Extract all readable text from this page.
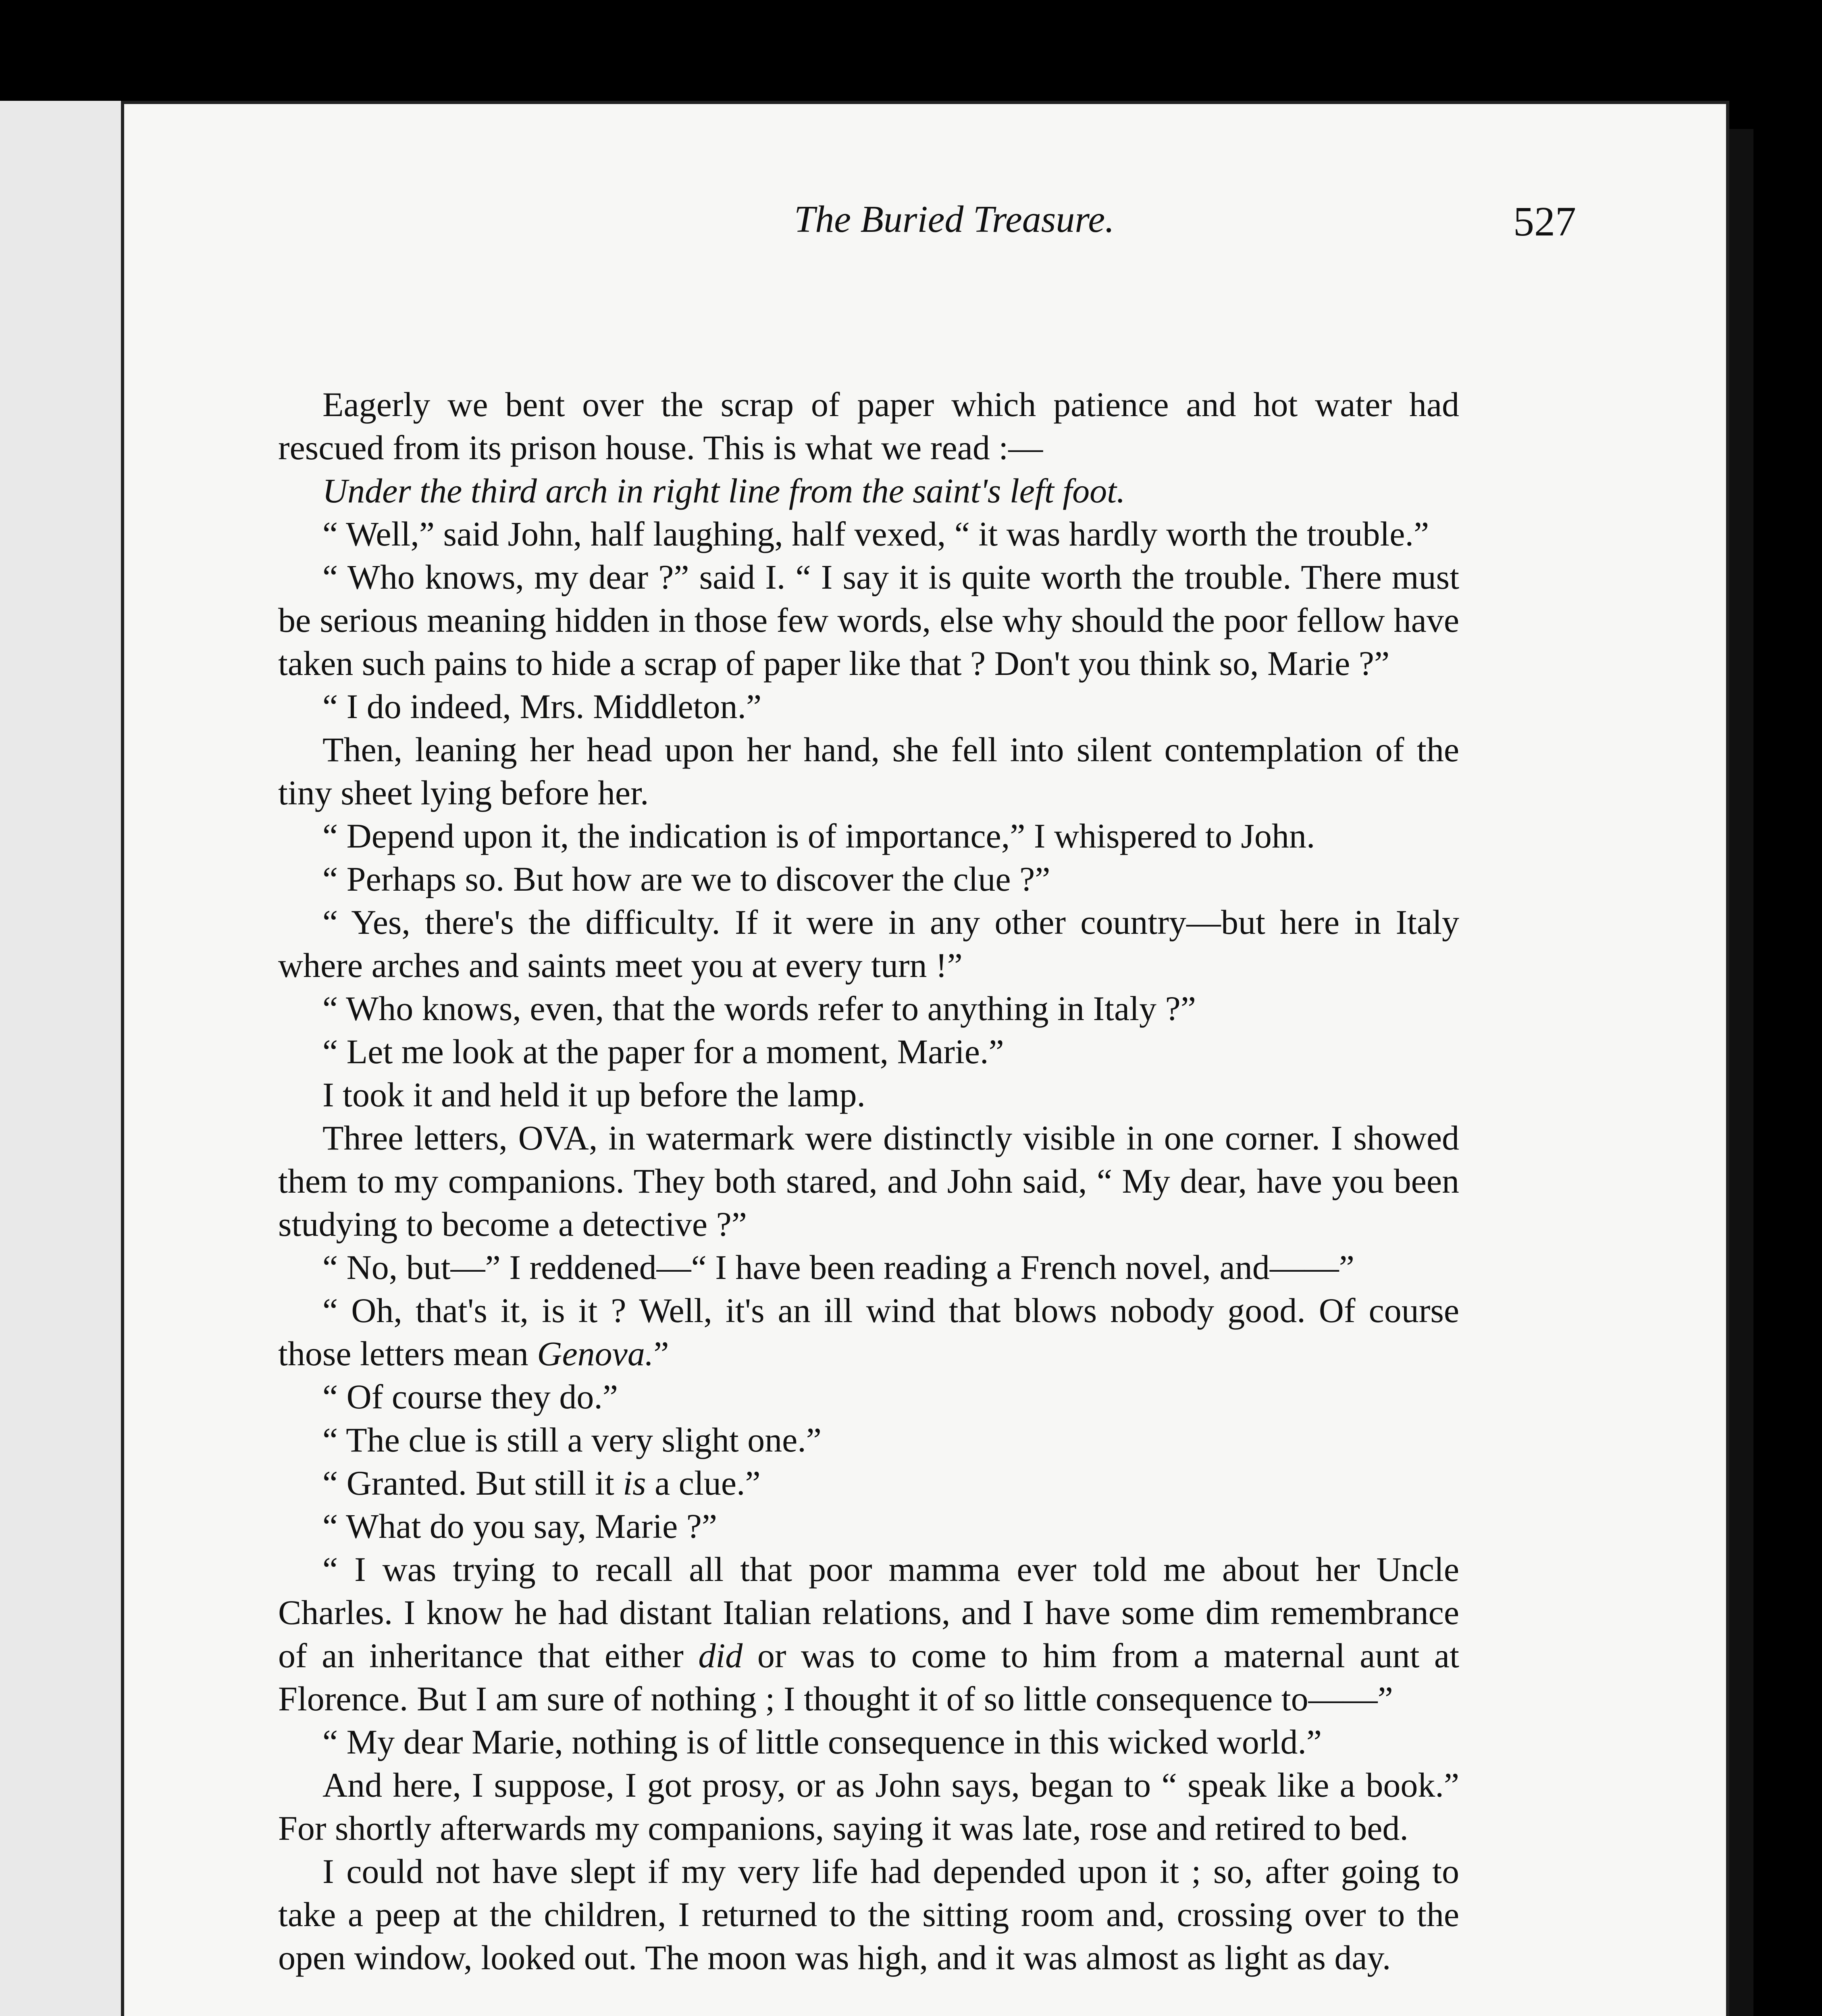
The Buried Treasure.	527

Eagerly we bent over the scrap of paper which patience and hot water had rescued from its prison house. This is what we read :—

Under the third arch in right line from the saint's left foot.

“ Well,” said John, half laughing, half vexed, “ it was hardly worth the trouble.”

“ Who knows, my dear ?” said I. “ I say it is quite worth the trouble. There must be serious meaning hidden in those few words, else why should the poor fellow have taken such pains to hide a scrap of paper like that ? Don't you think so, Marie ?”

“ I do indeed, Mrs. Middleton.”

Then, leaning her head upon her hand, she fell into silent contemplation of the tiny sheet lying before her.

“ Depend upon it, the indication is of importance,” I whispered to John.

“ Perhaps so. But how are we to discover the clue ?”

“ Yes, there's the difficulty. If it were in any other country—but here in Italy where arches and saints meet you at every turn !”

“ Who knows, even, that the words refer to anything in Italy ?”

“ Let me look at the paper for a moment, Marie.”

I took it and held it up before the lamp.

Three letters, OVA, in watermark were distinctly visible in one corner. I showed them to my companions. They both stared, and John said, “ My dear, have you been studying to become a detective ?”

“ No, but—” I reddened—“ I have been reading a French novel, and——”

“ Oh, that's it, is it ? Well, it's an ill wind that blows nobody good. Of course those letters mean Genova.”

“ Of course they do.”

“ The clue is still a very slight one.”

“ Granted. But still it is a clue.”

“ What do you say, Marie ?”

“ I was trying to recall all that poor mamma ever told me about her Uncle Charles. I know he had distant Italian relations, and I have some dim remembrance of an inheritance that either did or was to come to him from a maternal aunt at Florence. But I am sure of nothing ; I thought it of so little consequence to——”

“ My dear Marie, nothing is of little consequence in this wicked world.”

And here, I suppose, I got prosy, or as John says, began to “ speak like a book.” For shortly afterwards my companions, saying it was late, rose and retired to bed.

I could not have slept if my very life had depended upon it ; so, after going to take a peep at the children, I returned to the sitting room and, crossing over to the open window, looked out. The moon was high, and it was almost as light as day.
